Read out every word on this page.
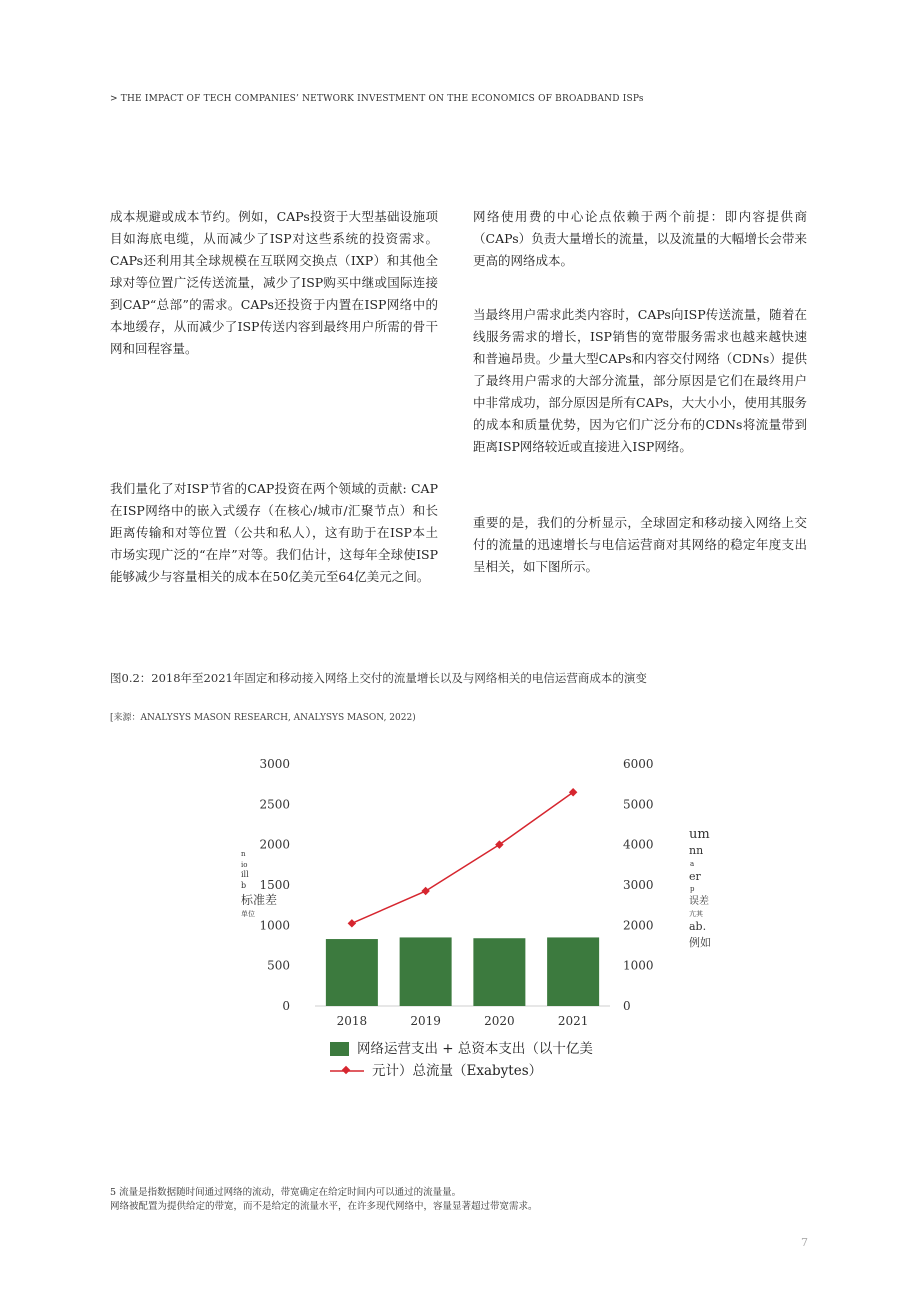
> THE IMPACT OF TECH COMPANIES’ NETWORK INVESTMENT ON THE ECONOMICS OF BROADBAND ISPs

成本规避或成本节约。例如，CAPs投资于大型基础设施项目如海底电缆，从而减少了ISP对这些系统的投资需求。CAPs还利用其全球规模在互联网交换点（IXP）和其他全球对等位置广泛传送流量，减少了ISP购买中继或国际连接到CAP“总部”的需求。CAPs还投资于内置在ISP网络中的本地缓存，从而减少了ISP传送内容到最终用户所需的骨干网和回程容量。

我们量化了对ISP节省的CAP投资在两个领域的贡献: CAP在ISP网络中的嵌入式缓存（在核心/城市/汇聚节点）和长距离传输和对等位置（公共和私人），这有助于在ISP本土市场实现广泛的“在岸”对等。我们估计，这每年全球使ISP能够减少与容量相关的成本在50亿美元至64亿美元之间。

网络使用费的中心论点依赖于两个前提：即内容提供商（CAPs）负责大量增长的流量，以及流量的大幅增长会带来更高的网络成本。

当最终用户需求此类内容时，CAPs向ISP传送流量，随着在线服务需求的增长，ISP销售的宽带服务需求也越来越快速和普遍昂贵。少量大型CAPs和内容交付网络（CDNs）提供了最终用户需求的大部分流量，部分原因是它们在最终用户中非常成功，部分原因是所有CAPs，大大小小，使用其服务的成本和质量优势，因为它们广泛分布的CDNs将流量带到距离ISP网络较近或直接进入ISP网络。

重要的是，我们的分析显示，全球固定和移动接入网络上交付的流量的迅速增长与电信运营商对其网络的稳定年度支出呈相关，如下图所示。

图0.2：2018年至2021年固定和移动接入网络上交付的流量增长以及与网络相关的电信运营商成本的演变
[来源：ANALYSYS MASON RESEARCH, ANALYSYS MASON, 2022)
0
500
1000
1500
2000
2500
3000
0
1000
2000
3000
4000
5000
6000
n
io
ill
b
标准差
单位
um
nn
a
er
p
误差
亢其
ab.
例如
2018	2019	2020	2021
网络运营支出 + 总资本支出（以十亿美
元计）总流量（Exabytes）
5 流量是指数据随时间通过网络的流动，带宽确定在给定时间内可以通过的流量量。
网络被配置为提供给定的带宽，而不是给定的流量水平，在许多现代网络中，容量显著超过带宽需求。
7
